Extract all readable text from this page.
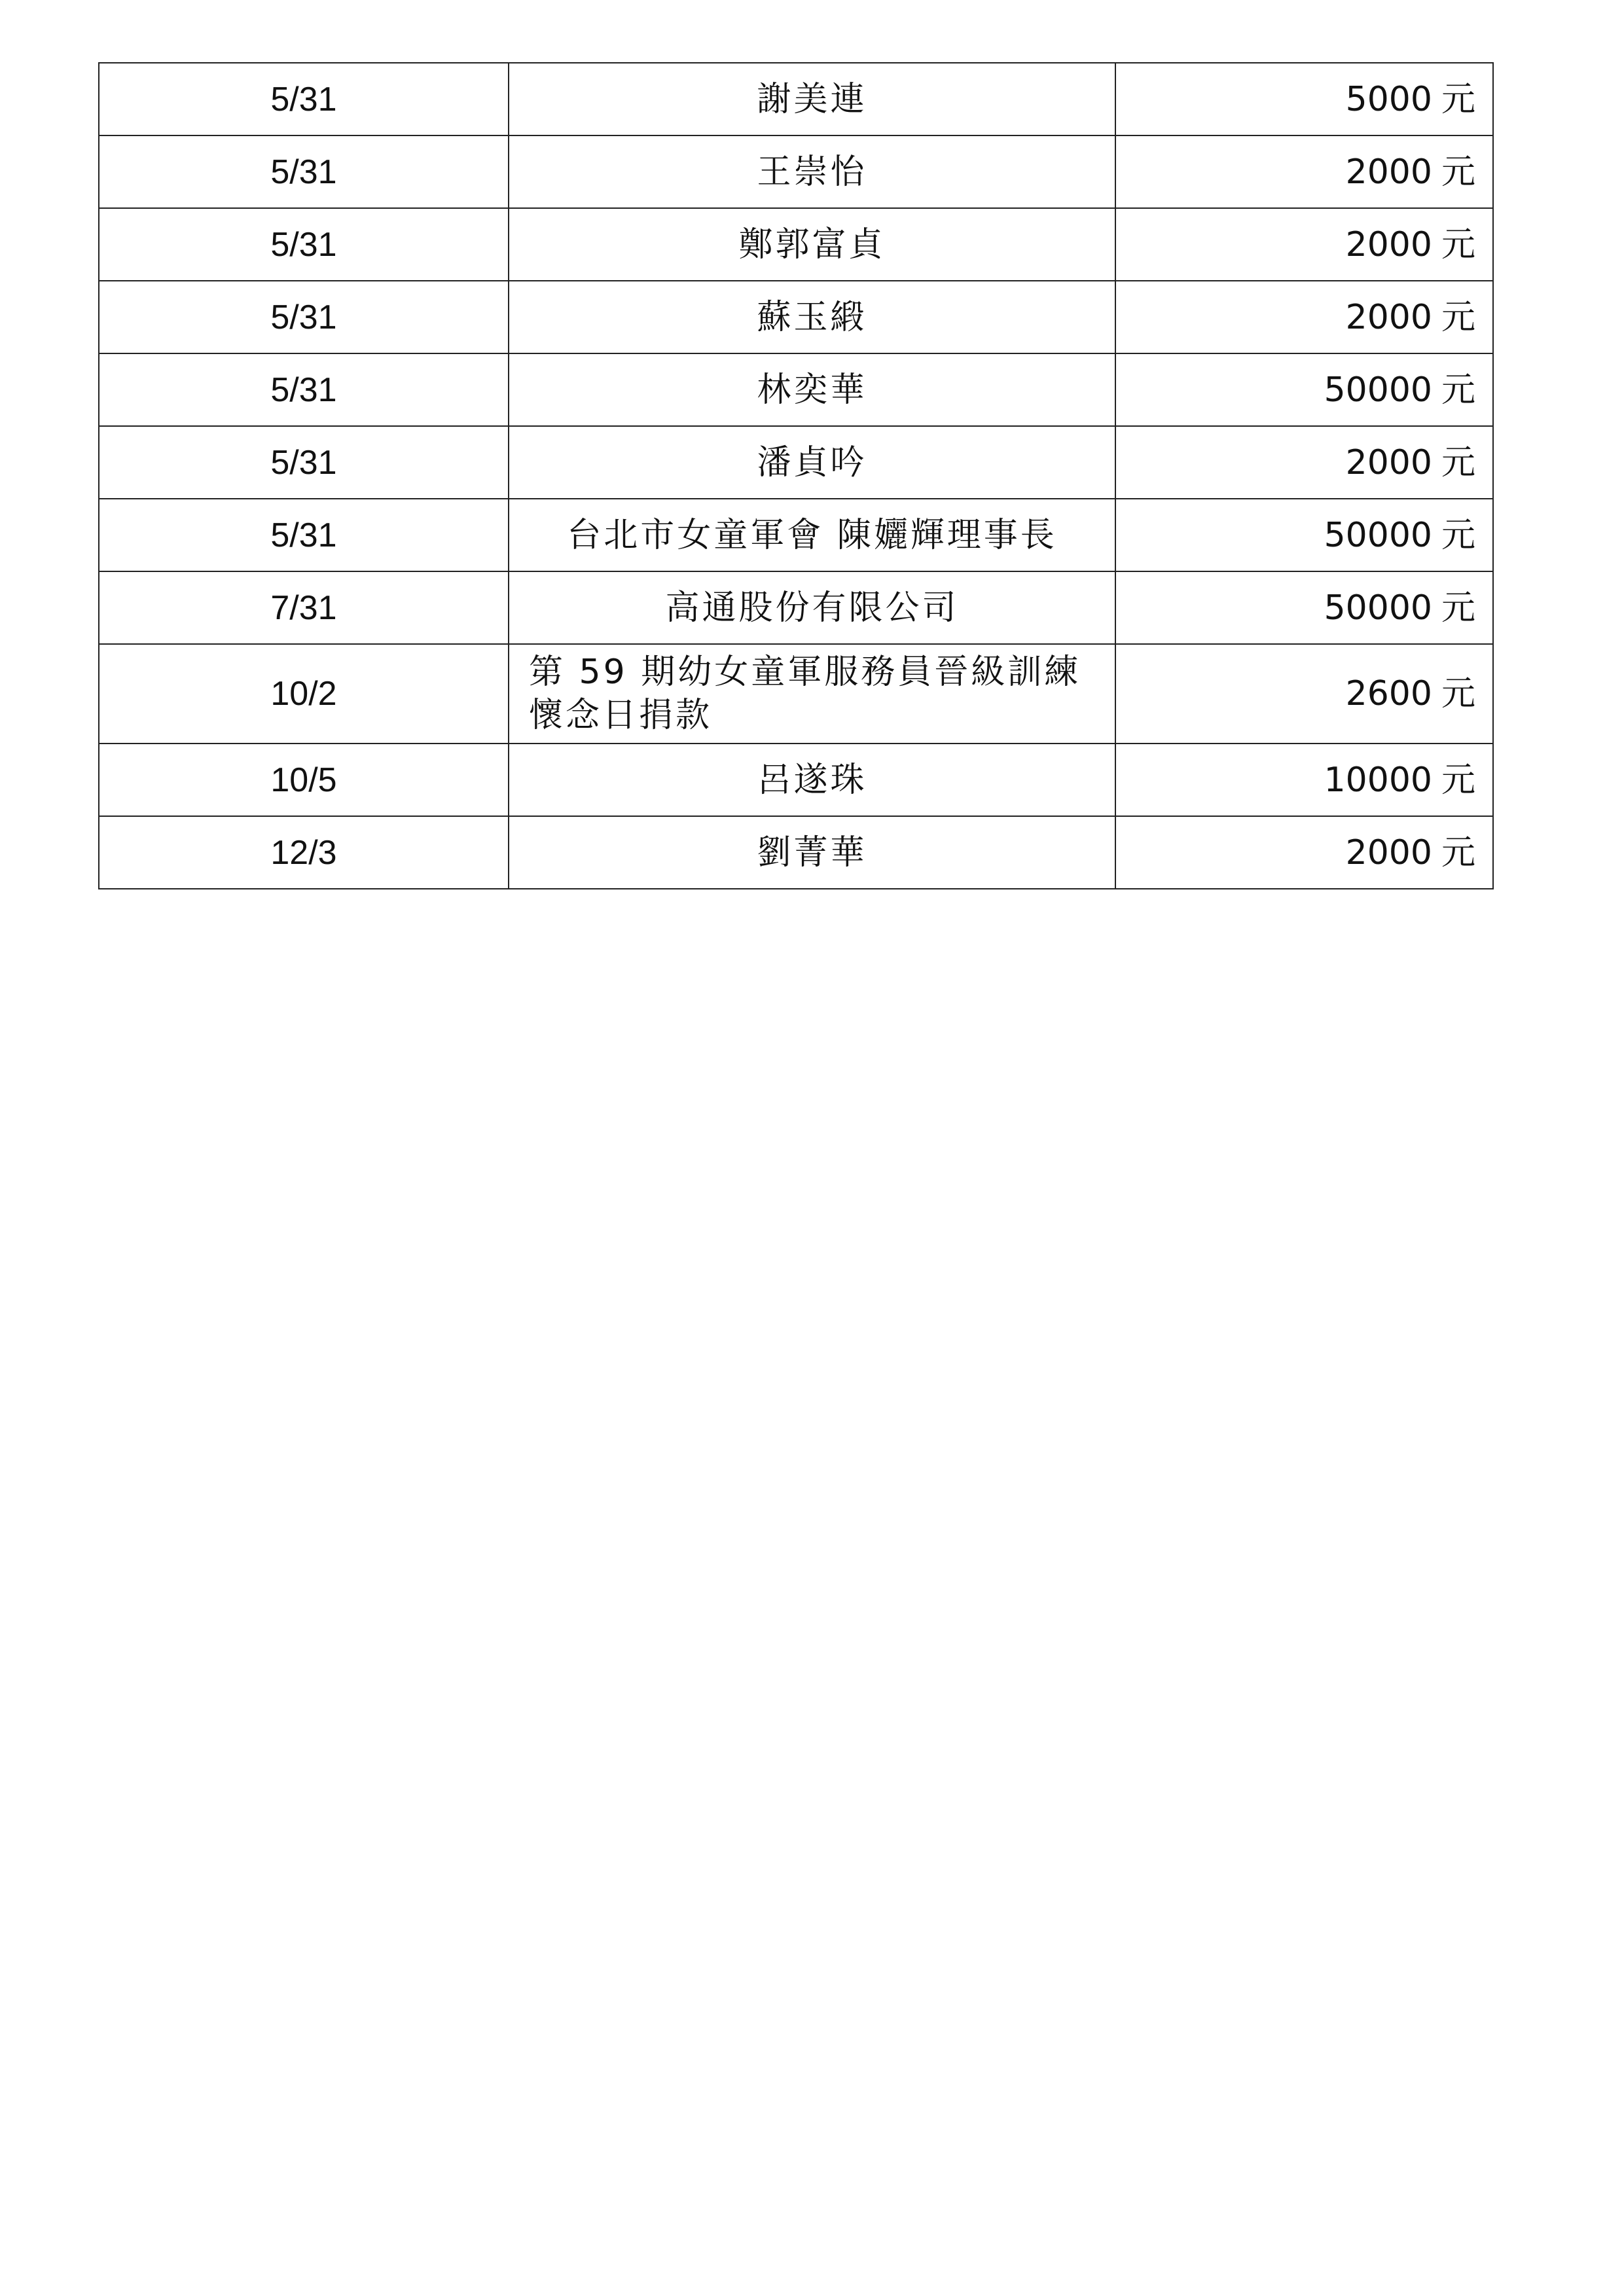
5/31	謝美連	5000 元
5/31	王崇怡	2000 元
5/31	鄭郭富貞	2000 元
5/31	蘇玉緞	2000 元
5/31	林奕華	50000 元
5/31	潘貞吟	2000 元
5/31	台北市女童軍會 陳孋輝理事長	50000 元
7/31	高通股份有限公司	50000 元
10/2	第 59 期幼女童軍服務員晉級訓練懷念日捐款	2600 元
10/5	呂遂珠	10000 元
12/3	劉菁華	2000 元
